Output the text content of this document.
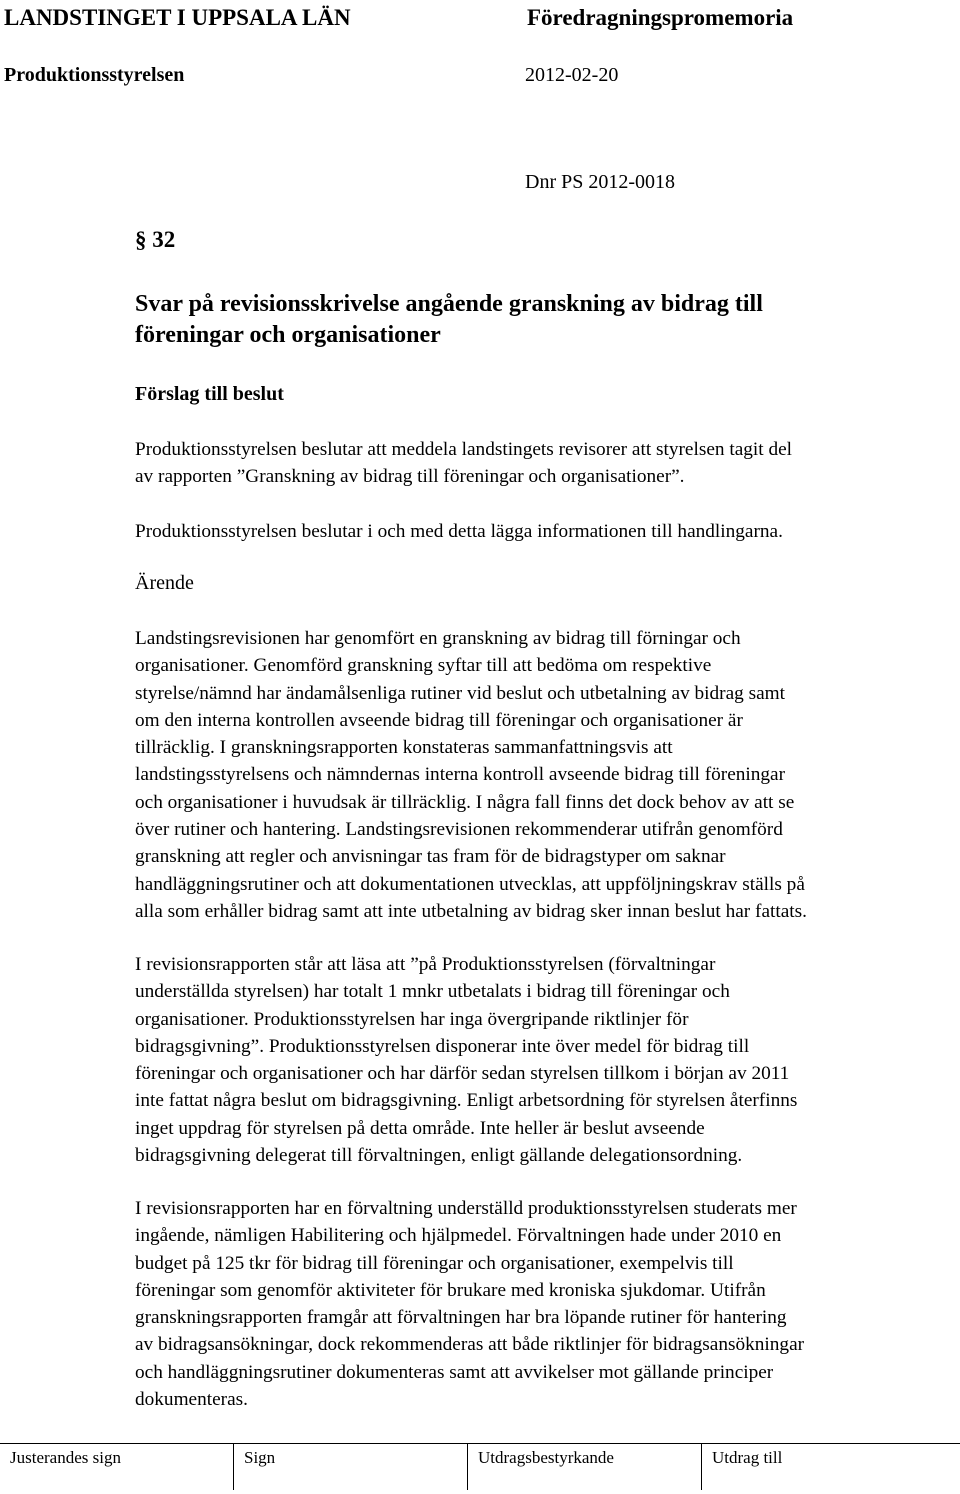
LANDSTINGET I UPPSALA LÄN	Föredragningspromemoria
Produktionsstyrelsen	2012-02-20
Dnr PS 2012-0018
§ 32
Svar på revisionsskrivelse angående granskning av bidrag till
föreningar och organisationer
Förslag till beslut
Produktionsstyrelsen beslutar att meddela landstingets revisorer att styrelsen tagit del
av rapporten ”Granskning av bidrag till föreningar och organisationer”.
Produktionsstyrelsen beslutar i och med detta lägga informationen till handlingarna.
Ärende
Landstingsrevisionen har genomfört en granskning av bidrag till förningar och
organisationer. Genomförd granskning syftar till att bedöma om respektive
styrelse/nämnd har ändamålsenliga rutiner vid beslut och utbetalning av bidrag samt
om den interna kontrollen avseende bidrag till föreningar och organisationer är
tillräcklig. I granskningsrapporten konstateras sammanfattningsvis att
landstingsstyrelsens och nämndernas interna kontroll avseende bidrag till föreningar
och organisationer i huvudsak är tillräcklig. I några fall finns det dock behov av att se
över rutiner och hantering. Landstingsrevisionen rekommenderar utifrån genomförd
granskning att regler och anvisningar tas fram för de bidragstyper om saknar
handläggningsrutiner och att dokumentationen utvecklas, att uppföljningskrav ställs på
alla som erhåller bidrag samt att inte utbetalning av bidrag sker innan beslut har fattats.
I revisionsrapporten står att läsa att ”på Produktionsstyrelsen (förvaltningar
underställda styrelsen) har totalt 1 mnkr utbetalats i bidrag till föreningar och
organisationer. Produktionsstyrelsen har inga övergripande riktlinjer för
bidragsgivning”. Produktionsstyrelsen disponerar inte över medel för bidrag till
föreningar och organisationer och har därför sedan styrelsen tillkom i början av 2011
inte fattat några beslut om bidragsgivning. Enligt arbetsordning för styrelsen återfinns
inget uppdrag för styrelsen på detta område. Inte heller är beslut avseende
bidragsgivning delegerat till förvaltningen, enligt gällande delegationsordning.
I revisionsrapporten har en förvaltning underställd produktionsstyrelsen studerats mer
ingående, nämligen Habilitering och hjälpmedel. Förvaltningen hade under 2010 en
budget på 125 tkr för bidrag till föreningar och organisationer, exempelvis till
föreningar som genomför aktiviteter för brukare med kroniska sjukdomar. Utifrån
granskningsrapporten framgår att förvaltningen har bra löpande rutiner för hantering
av bidragsansökningar, dock rekommenderas att både riktlinjer för bidragsansökningar
och handläggningsrutiner dokumenteras samt att avvikelser mot gällande principer
dokumenteras.
Justerandes sign	Sign	Utdragsbestyrkande	Utdrag till
